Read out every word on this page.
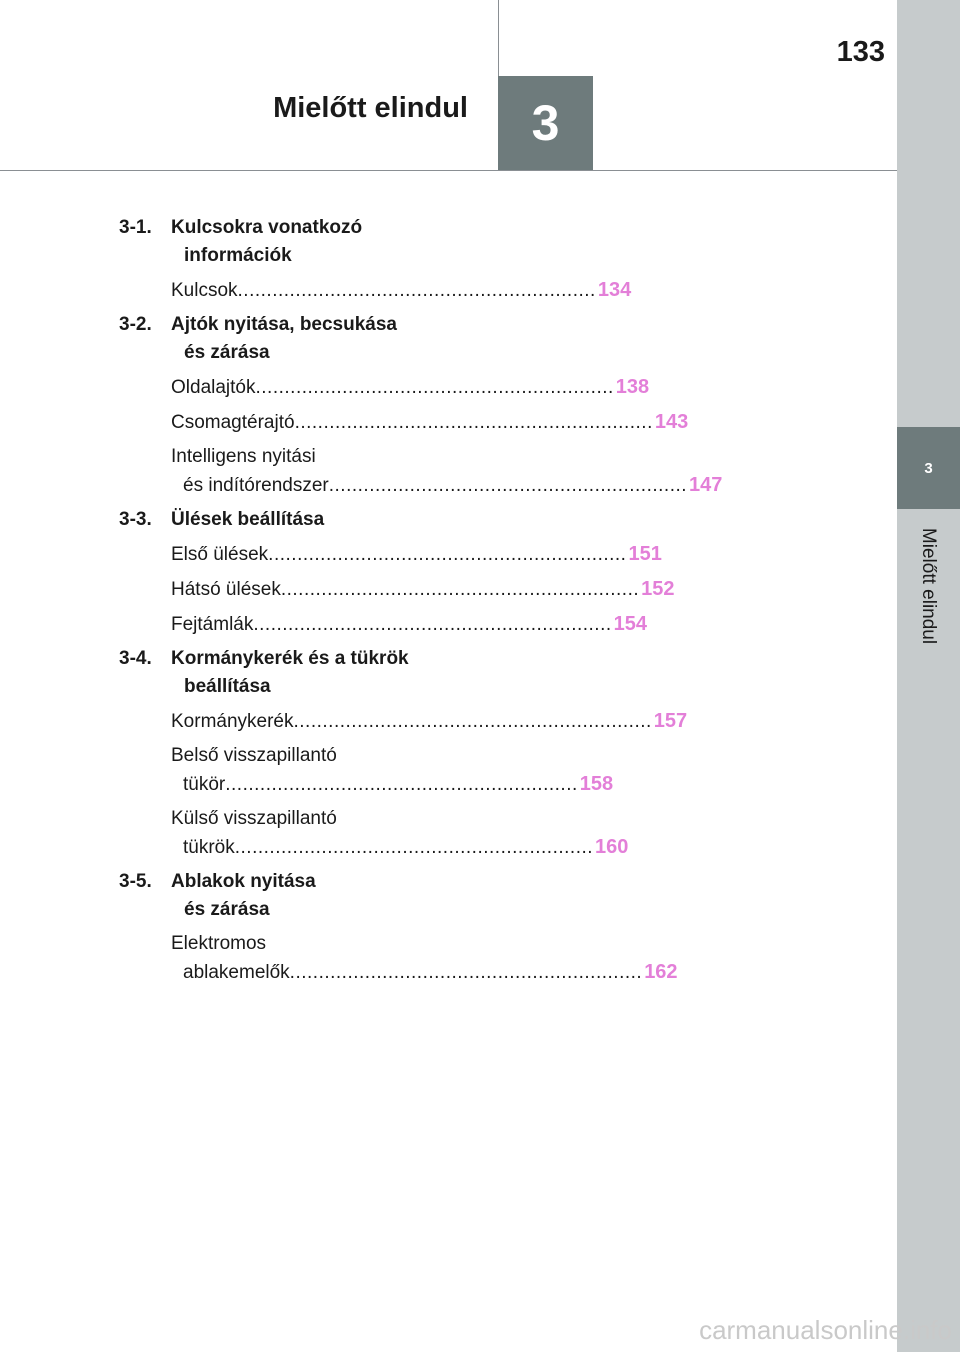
Mielőtt elindul	3
133
3
Mielőtt elindul
3-1.	Kulcsokra vonatkozó
információk
Kulcsok .............................................................. 134
3-2.	Ajtók nyitása, becsukása
és zárása
Oldalajtók .............................................................. 138
Csomagtérajtó .............................................................. 143
Intelligens nyitási
és indítórendszer .............................................................. 147
3-3.	Ülések beállítása
Első ülések .............................................................. 151
Hátsó ülések .............................................................. 152
Fejtámlák .............................................................. 154
3-4.	Kormánykerék és a tükrök
beállítása
Kormánykerék .............................................................. 157
Belső visszapillantó
tükör ............................................................. 158
Külső visszapillantó
tükrök .............................................................. 160
3-5.	Ablakok nyitása
és zárása
Elektromos
ablakemelők ............................................................. 162
carmanualsonline.info
